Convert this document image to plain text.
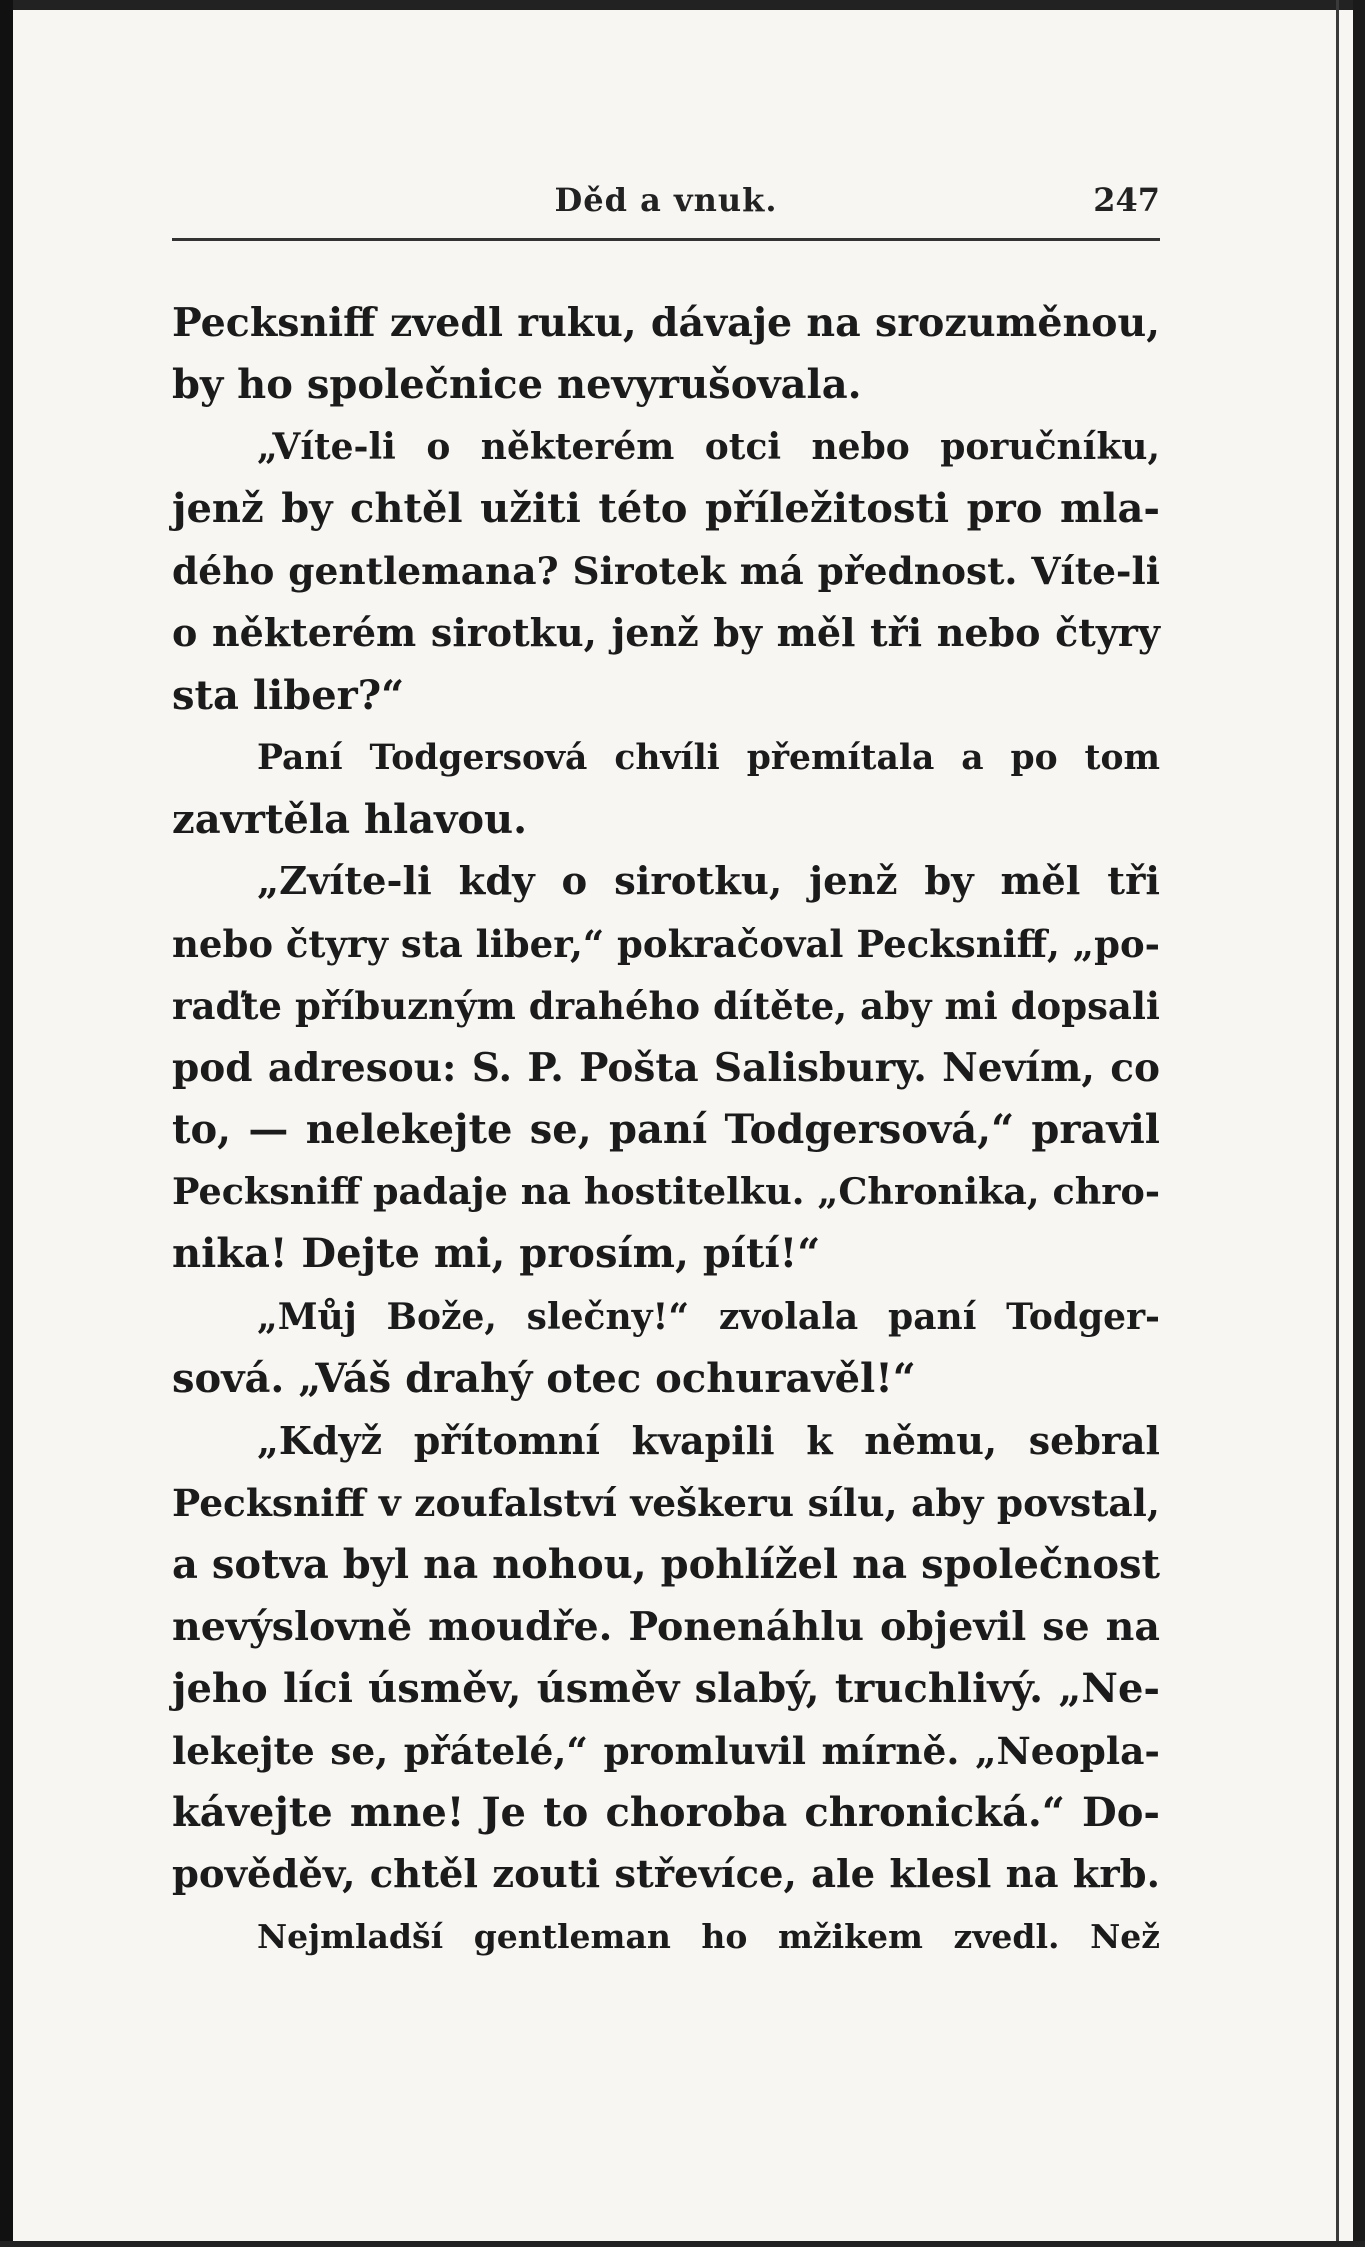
Děd a vnuk.	247
Pecksniff zvedl ruku, dávaje na srozuměnou,
by ho společnice nevyrušovala.
„Víte-li o některém otci nebo poručníku,
jenž by chtěl užiti této příležitosti pro mla-
dého gentlemana? Sirotek má přednost. Víte-li
o některém sirotku, jenž by měl tři nebo čtyry
sta liber?“
Paní Todgersová chvíli přemítala a po tom
zavrtěla hlavou.
„Zvíte-li kdy o sirotku, jenž by měl tři
nebo čtyry sta liber,“ pokračoval Pecksniff, „po-
raďte příbuzným drahého dítěte, aby mi dopsali
pod adresou: S. P. Pošta Salisbury. Nevím, co
to, — nelekejte se, paní Todgersová,“ pravil
Pecksniff padaje na hostitelku. „Chronika, chro-
nika! Dejte mi, prosím, pítí!“
„Můj Bože, slečny!“ zvolala paní Todger-
sová. „Váš drahý otec ochuravěl!“
„Když přítomní kvapili k němu, sebral
Pecksniff v zoufalství veškeru sílu, aby povstal,
a sotva byl na nohou, pohlížel na společnost
nevýslovně moudře. Ponenáhlu objevil se na
jeho líci úsměv, úsměv slabý, truchlivý. „Ne-
lekejte se, přátelé,“ promluvil mírně. „Neopla-
kávejte mne! Je to choroba chronická.“ Do-
pověděv, chtěl zouti střevíce, ale klesl na krb.
Nejmladší gentleman ho mžikem zvedl. Než
